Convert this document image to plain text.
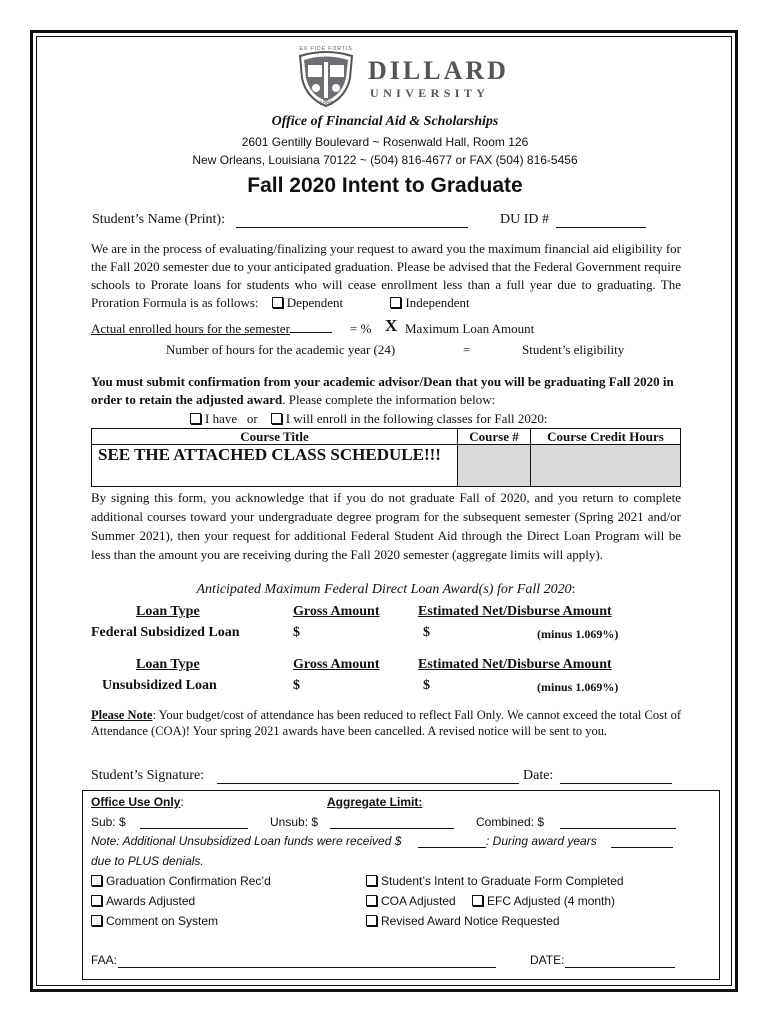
EX FIDE FORTIS
1869
DILLARD
UNIVERSITY
Office of Financial Aid & Scholarships
2601 Gentilly Boulevard ~ Rosenwald Hall, Room 126
New Orleans, Louisiana 70122 ~ (504) 816-4677 or FAX (504) 816-5456
Fall 2020 Intent to Graduate
Student’s Name (Print):	DU ID #
We are in the process of evaluating/finalizing your request to award you the maximum financial aid eligibility for the Fall 2020 semester due to your anticipated graduation. Please be advised that the Federal Government require schools to Prorate loans for students who will cease enrollment less than a full year due to graduating. The Proration Formula is as follows: Dependent	Independent
Actual enrolled hours for the semester	= % X Maximum Loan Amount
Number of hours for the academic year (24)	=	Student’s eligibility
You must submit confirmation from your academic advisor/Dean that you will be graduating Fall 2020 in order to retain the adjusted award. Please complete the information below:
I have or I will enroll in the following classes for Fall 2020:
Course Title	Course #	Course Credit Hours
SEE THE ATTACHED CLASS SCHEDULE!!!		
By signing this form, you acknowledge that if you do not graduate Fall of 2020, and you return to complete additional courses toward your undergraduate degree program for the subsequent semester (Spring 2021 and/or Summer 2021), then your request for additional Federal Student Aid through the Direct Loan Program will be less than the amount you are receiving during the Fall 2020 semester (aggregate limits will apply).
Anticipated Maximum Federal Direct Loan Award(s) for Fall 2020:
Loan Type	Gross Amount	Estimated Net/Disburse Amount
Federal Subsidized Loan	$	$	(minus 1.069%)
Loan Type	Gross Amount	Estimated Net/Disburse Amount
Unsubsidized Loan	$	$	(minus 1.069%)
Please Note: Your budget/cost of attendance has been reduced to reflect Fall Only. We cannot exceed the total Cost of Attendance (COA)! Your spring 2021 awards have been cancelled. A revised notice will be sent to you.
Student’s Signature:	Date:
Office Use Only:	Aggregate Limit:
Sub: $	Unsub: $	Combined: $
Note: Additional Unsubsidized Loan funds were received $	: During award years
due to PLUS denials.
Graduation Confirmation Rec’d	Student’s Intent to Graduate Form Completed
Awards Adjusted	COA Adjusted	EFC Adjusted (4 month)
Comment on System	Revised Award Notice Requested
FAA:	DATE:
